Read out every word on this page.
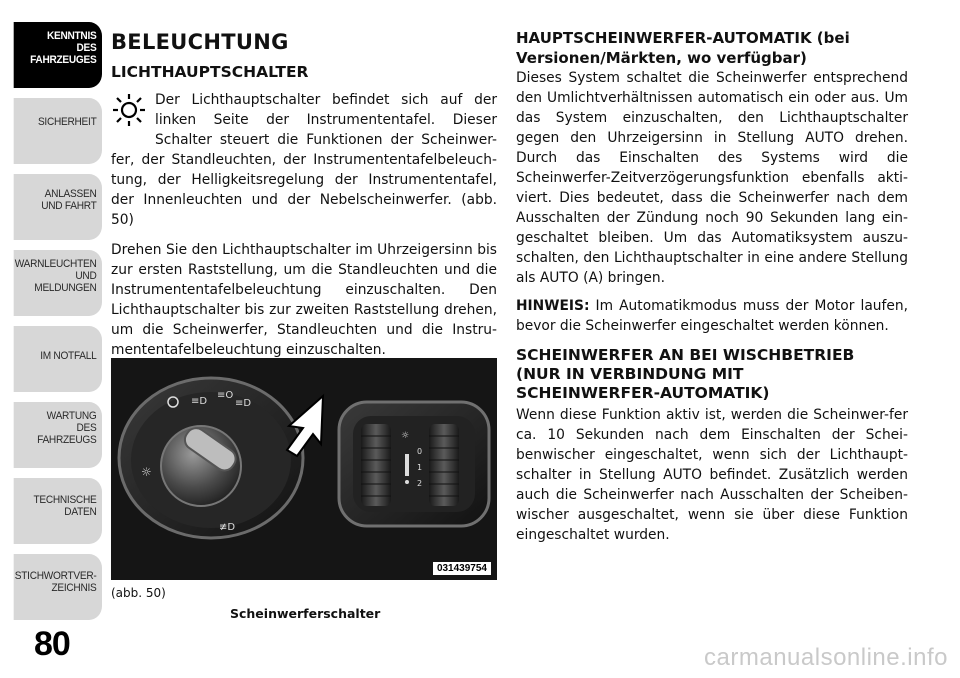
KENNTNIS
DES
FAHRZEUGES
SICHERHEIT
ANLASSEN
UND FAHRT
WARNLEUCHTEN
UND
MELDUNGEN
IM NOTFALL
WARTUNG
DES
FAHRZEUGS
TECHNISCHE
DATEN
STICHWORTVER-
ZEICHNIS
80
BELEUCHTUNG
LICHTHAUPTSCHALTER

Der Lichthauptschalter befindet sich auf der linken Seite der Instrumententafel. Dieser Schalter steuert die Funktionen der Scheinwer-fer, der Standleuchten, der Instrumententafelbeleuch-tung, der Helligkeitsregelung der Instrumententafel, der Innenleuchten und der Nebelscheinwerfer. (abb. 50)

Drehen Sie den Lichthauptschalter im Uhrzeigersinn bis zur ersten Raststellung, um die Standleuchten und die Instrumententafelbeleuchtung einzuschalten. Den Lichthauptschalter bis zur zweiten Raststellung drehen, um die Scheinwerfer, Standleuchten und die Instru-mententafelbeleuchtung einzuschalten.

≡D
≡O
≡D
☼
≢D
☼
0
1
2
031439754
(abb. 50)
Scheinwerferschalter
HAUPTSCHEINWERFER-AUTOMATIK (bei
Versionen/Märkten, wo verfügbar)

Dieses System schaltet die Scheinwerfer entsprechend den Umlichtverhältnissen automatisch ein oder aus. Um das System einzuschalten, den Lichthauptschalter gegen den Uhrzeigersinn in Stellung AUTO drehen. Durch das Einschalten des Systems wird die Scheinwerfer-Zeitverzögerungsfunktion ebenfalls akti-viert. Dies bedeutet, dass die Scheinwerfer nach dem Ausschalten der Zündung noch 90 Sekunden lang ein-geschaltet bleiben. Um das Automatiksystem auszu-schalten, den Lichthauptschalter in eine andere Stellung als AUTO (A) bringen.

HINWEIS: Im Automatikmodus muss der Motor laufen, bevor die Scheinwerfer eingeschaltet werden können.

SCHEINWERFER AN BEI WISCHBETRIEB
(NUR IN VERBINDUNG MIT
SCHEINWERFER-AUTOMATIK)

Wenn diese Funktion aktiv ist, werden die Scheinwer-fer ca. 10 Sekunden nach dem Einschalten der Schei-benwischer eingeschaltet, wenn sich der Lichthaupt-schalter in Stellung AUTO befindet. Zusätzlich werden auch die Scheinwerfer nach Ausschalten der Scheiben-wischer ausgeschaltet, wenn sie über diese Funktion eingeschaltet wurden.

carmanualsonline.info
